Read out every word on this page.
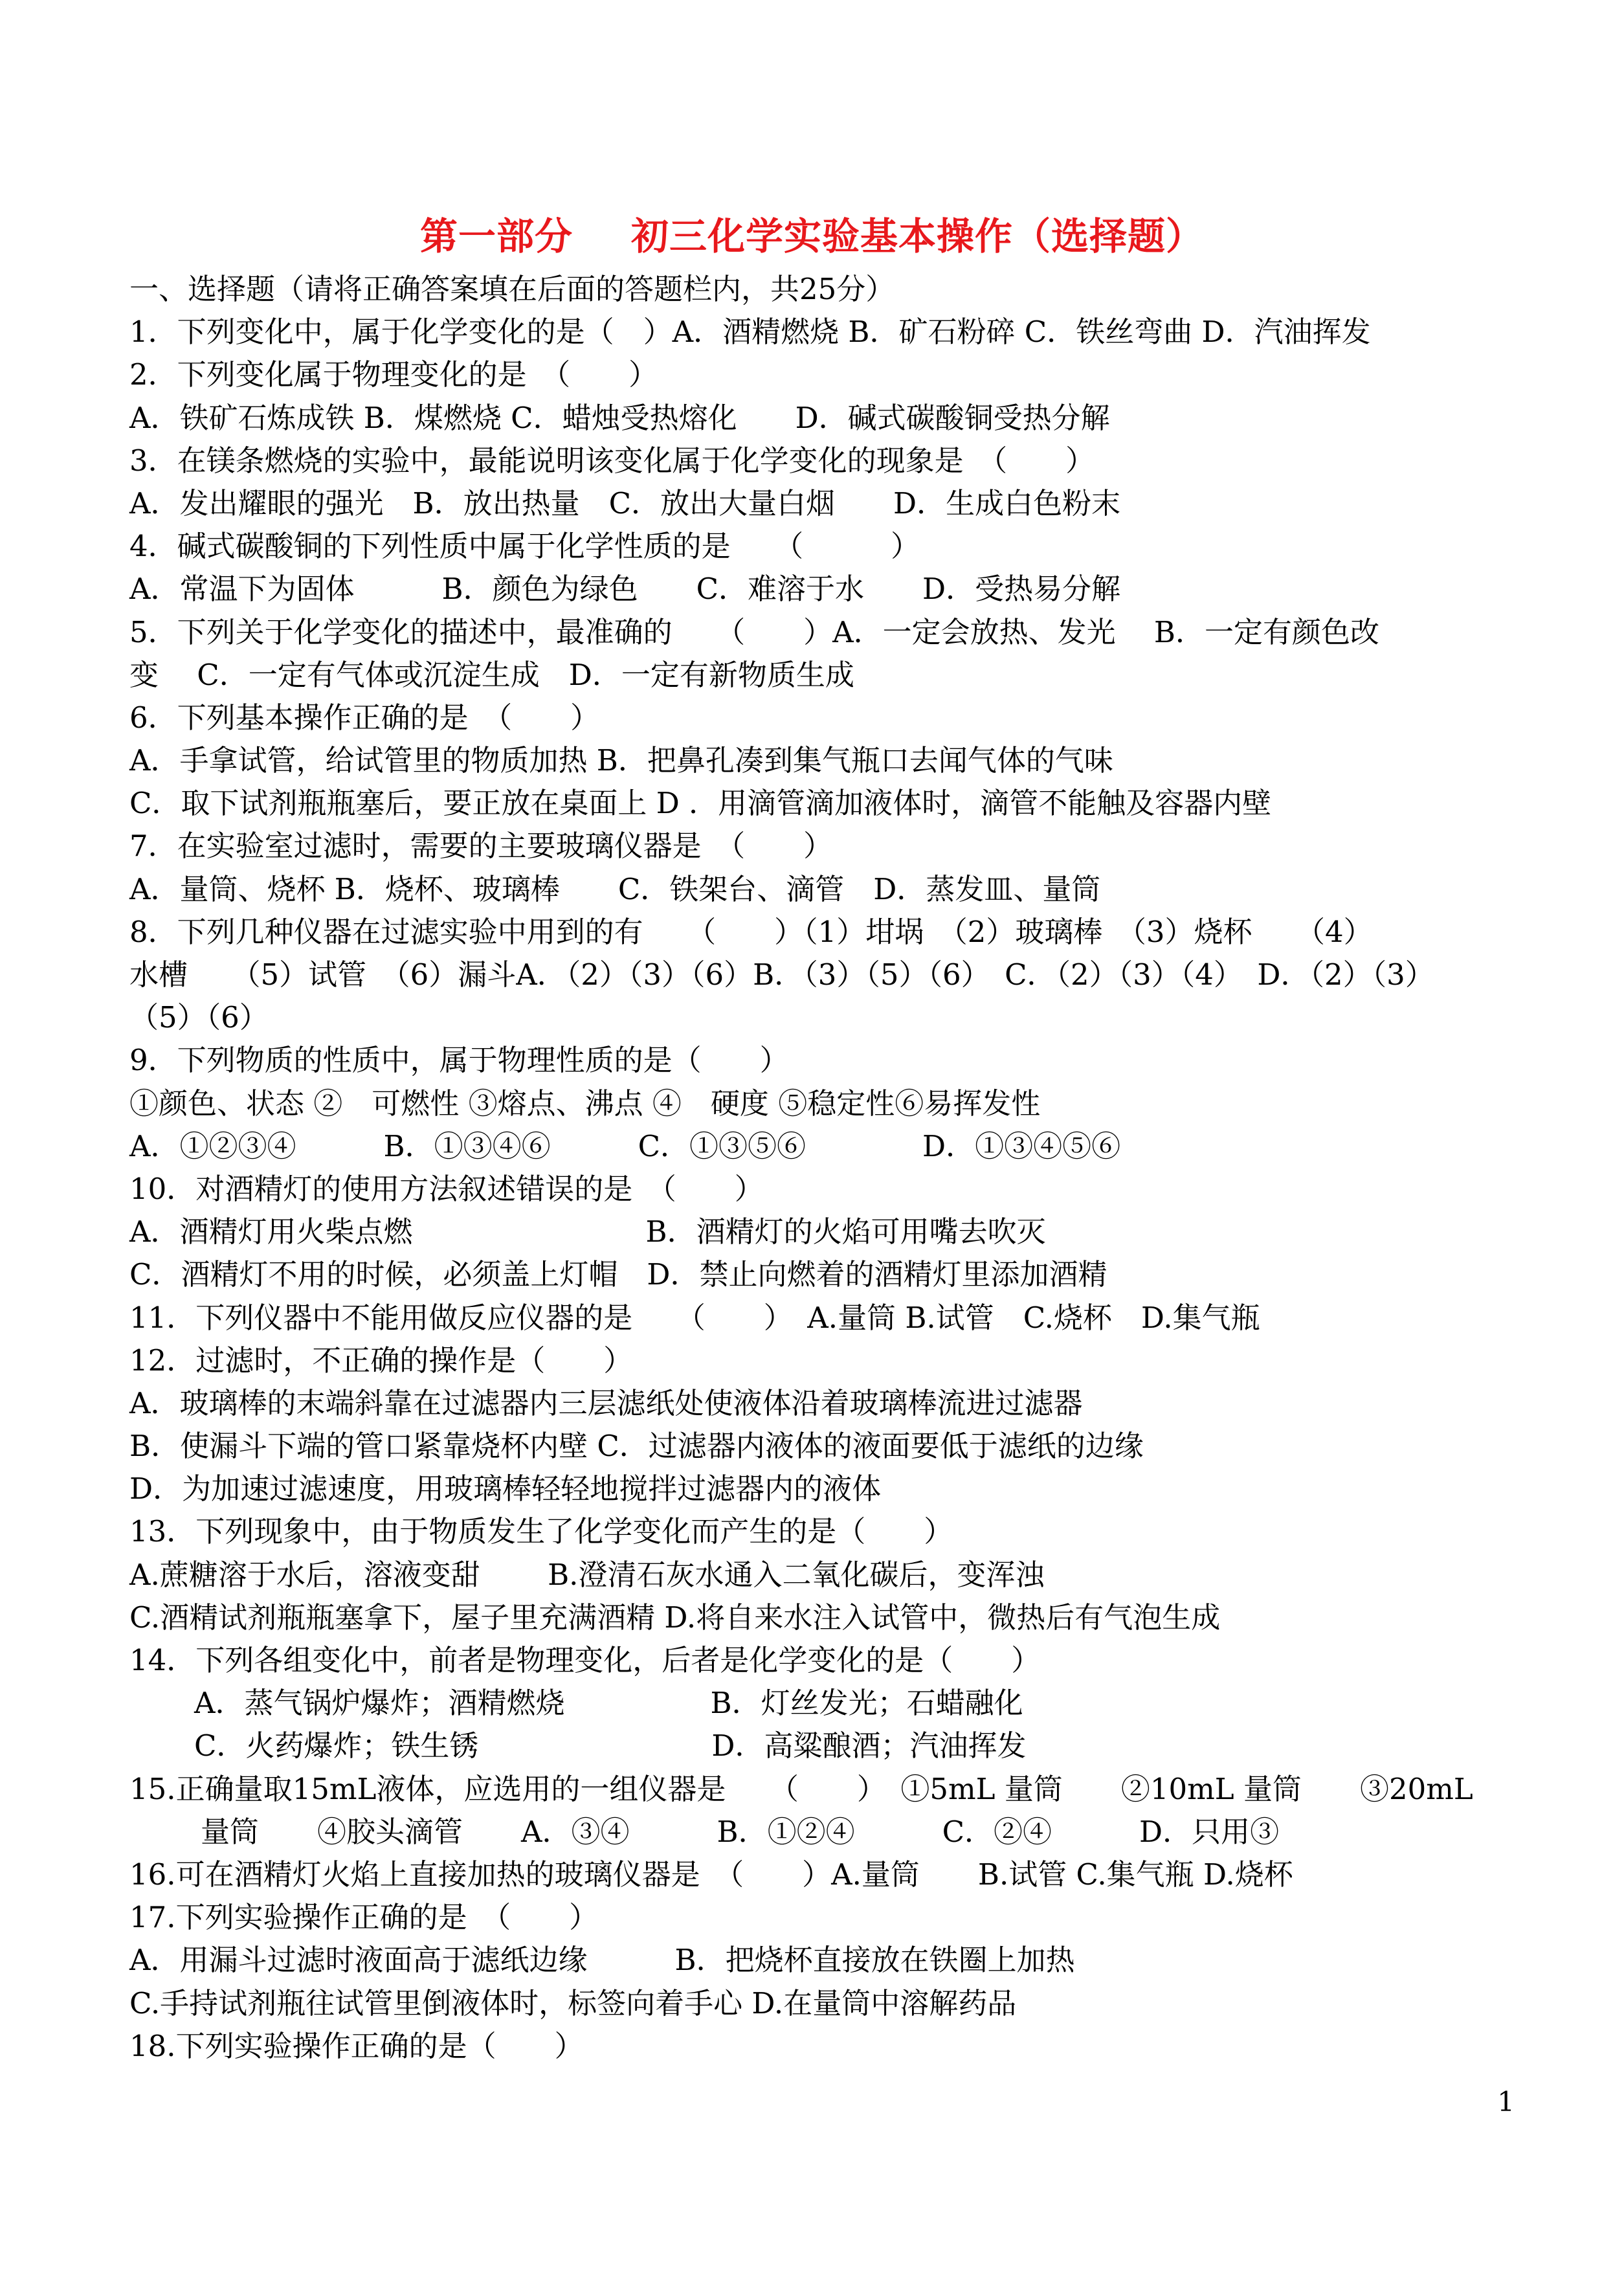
第一部分 初三化学实验基本操作（选择题）
一、选择题（请将正确答案填在后面的答题栏内，共25分）
1．下列变化中，属于化学变化的是（　）A．酒精燃烧 B．矿石粉碎 C．铁丝弯曲 D．汽油挥发
2．下列变化属于物理变化的是　（　　）
A．铁矿石炼成铁 B．煤燃烧 C．蜡烛受热熔化　　D．碱式碳酸铜受热分解
3．在镁条燃烧的实验中，最能说明该变化属于化学变化的现象是　（　　）
A．发出耀眼的强光　B．放出热量　C．放出大量白烟　　D．生成白色粉末
4．碱式碳酸铜的下列性质中属于化学性质的是　　（　　　）
A．常温下为固体　　　B．颜色为绿色　　C．难溶于水　　D．受热易分解
5．下列关于化学变化的描述中，最准确的　　（　　）A．一定会放热、发光　 B．一定有颜色改
变　 C．一定有气体或沉淀生成　D．一定有新物质生成
6．下列基本操作正确的是　（　　）
A．手拿试管，给试管里的物质加热 B．把鼻孔凑到集气瓶口去闻气体的气味
C．取下试剂瓶瓶塞后，要正放在桌面上 D ．用滴管滴加液体时，滴管不能触及容器内壁
7．在实验室过滤时，需要的主要玻璃仪器是　（　　）
A．量筒、烧杯 B．烧杯、玻璃棒　　C．铁架台、滴管　D．蒸发皿、量筒
8．下列几种仪器在过滤实验中用到的有　　（　　）（1）坩埚　（2）玻璃棒　（3）烧杯　　（4）
水槽　　（5）试管　（6）漏斗A．（2）（3）（6）B．（3）（5）（6）　C．（2）（3）（4）　D．（2）（3）
（5）（6）
9．下列物质的性质中，属于物理性质的是（　　）
①颜色、状态 ②　可燃性 ③熔点、沸点 ④　硬度 ⑤稳定性⑥易挥发性
A．①②③④　　　B．①③④⑥　　　C．①③⑤⑥　　　　D．①③④⑤⑥
10．对酒精灯的使用方法叙述错误的是　（　　）
A．酒精灯用火柴点燃　　　　　　　　B．酒精灯的火焰可用嘴去吹灭
C．酒精灯不用的时候，必须盖上灯帽　D．禁止向燃着的酒精灯里添加酒精
11．下列仪器中不能用做反应仪器的是　　（　　）　A.量筒 B.试管　C.烧杯　D.集气瓶
12．过滤时，不正确的操作是（　　）
A．玻璃棒的末端斜靠在过滤器内三层滤纸处使液体沿着玻璃棒流进过滤器
B．使漏斗下端的管口紧靠烧杯内壁 C．过滤器内液体的液面要低于滤纸的边缘
D．为加速过滤速度，用玻璃棒轻轻地搅拌过滤器内的液体
13．下列现象中，由于物质发生了化学变化而产生的是（　　）
A.蔗糖溶于水后，溶液变甜　　 B.澄清石灰水通入二氧化碳后，变浑浊
C.酒精试剂瓶瓶塞拿下，屋子里充满酒精 D.将自来水注入试管中，微热后有气泡生成
14．下列各组变化中，前者是物理变化，后者是化学变化的是（　　）
A．蒸气锅炉爆炸；酒精燃烧　　　　　B．灯丝发光；石蜡融化
C．火药爆炸；铁生锈　　　　　　　　D．高粱酿酒；汽油挥发
15.正确量取15mL液体，应选用的一组仪器是　　（　　）　①5mL 量筒　　②10mL 量筒　　③20mL
量筒　　④胶头滴管　　A．③④　　　B．①②④　　　C．②④　　　D．只用③
16.可在酒精灯火焰上直接加热的玻璃仪器是　（　　）A.量筒　　B.试管 C.集气瓶 D.烧杯
17.下列实验操作正确的是　（　　）
A．用漏斗过滤时液面高于滤纸边缘　　　B．把烧杯直接放在铁圈上加热
C.手持试剂瓶往试管里倒液体时，标签向着手心 D.在量筒中溶解药品
18.下列实验操作正确的是（　　）
1
